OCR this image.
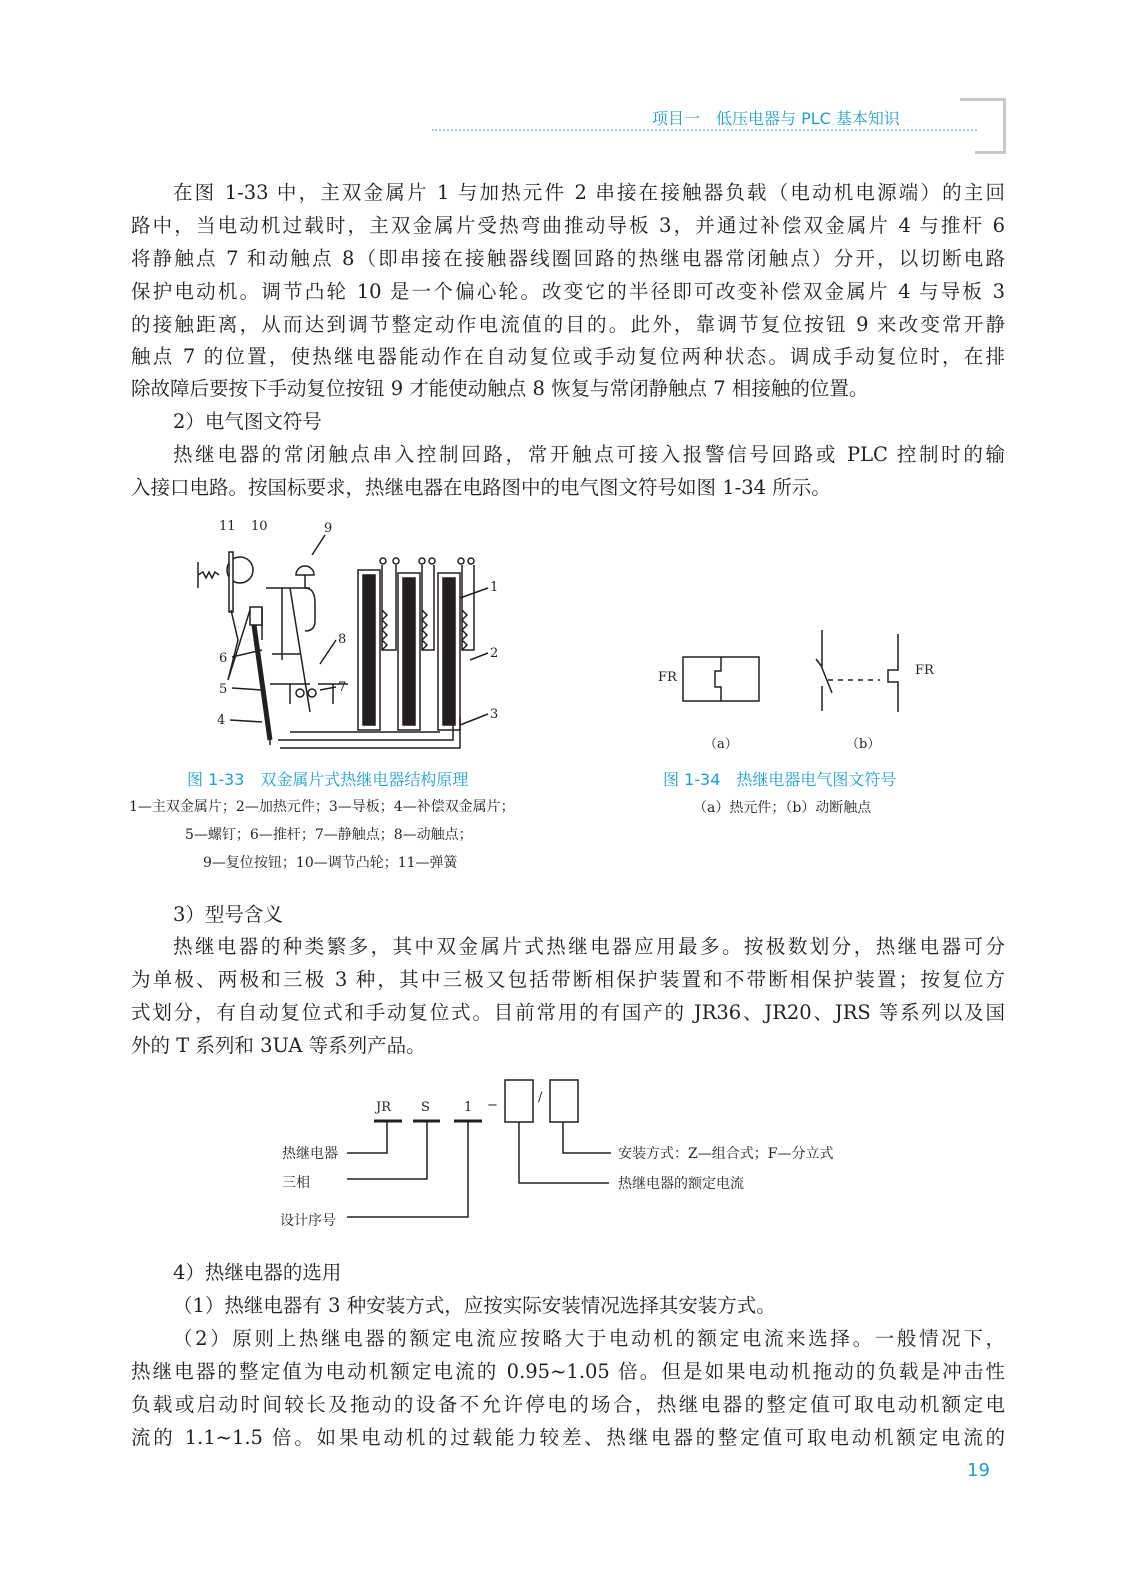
项目一　低压电器与 PLC 基本知识
在图 1-33 中，主双金属片 1 与加热元件 2 串接在接触器负载（电动机电源端）的主回
路中，当电动机过载时，主双金属片受热弯曲推动导板 3，并通过补偿双金属片 4 与推杆 6
将静触点 7 和动触点 8（即串接在接触器线圈回路的热继电器常闭触点）分开，以切断电路
保护电动机。调节凸轮 10 是一个偏心轮。改变它的半径即可改变补偿双金属片 4 与导板 3
的接触距离，从而达到调节整定动作电流值的目的。此外，靠调节复位按钮 9 来改变常开静
触点 7 的位置，使热继电器能动作在自动复位或手动复位两种状态。调成手动复位时，在排
除故障后要按下手动复位按钮 9 才能使动触点 8 恢复与常闭静触点 7 相接触的位置。
2）电气图文符号
热继电器的常闭触点串入控制回路，常开触点可接入报警信号回路或 PLC 控制时的输
入接口电路。按国标要求，热继电器在电路图中的电气图文符号如图 1-34 所示。
11 10	9
1
2
6
8
5	7
4	3
FR	FR
（a）	（b）
图 1-33　双金属片式热继电器结构原理
1—主双金属片；2—加热元件；3—导板；4—补偿双金属片；
5—螺钉；6—推杆；7—静触点；8—动触点；
9—复位按钮；10—调节凸轮；11—弹簧
图 1-34　热继电器电气图文符号
（a）热元件；（b）动断触点
3）型号含义
热继电器的种类繁多，其中双金属片式热继电器应用最多。按极数划分，热继电器可分
为单极、两极和三极 3 种，其中三极又包括带断相保护装置和不带断相保护装置；按复位方
式划分，有自动复位式和手动复位式。目前常用的有国产的 JR36、JR20、JRS 等系列以及国
外的 T 系列和 3UA 等系列产品。
JR S	1 −
/
热继电器
三相
设计序号
安装方式：Z—组合式；F—分立式
热继电器的额定电流
4）热继电器的选用
（1）热继电器有 3 种安装方式，应按实际安装情况选择其安装方式。
（2）原则上热继电器的额定电流应按略大于电动机的额定电流来选择。一般情况下，
热继电器的整定值为电动机额定电流的 0.95~1.05 倍。但是如果电动机拖动的负载是冲击性
负载或启动时间较长及拖动的设备不允许停电的场合，热继电器的整定值可取电动机额定电
流的 1.1~1.5 倍。如果电动机的过载能力较差、热继电器的整定值可取电动机额定电流的
19
